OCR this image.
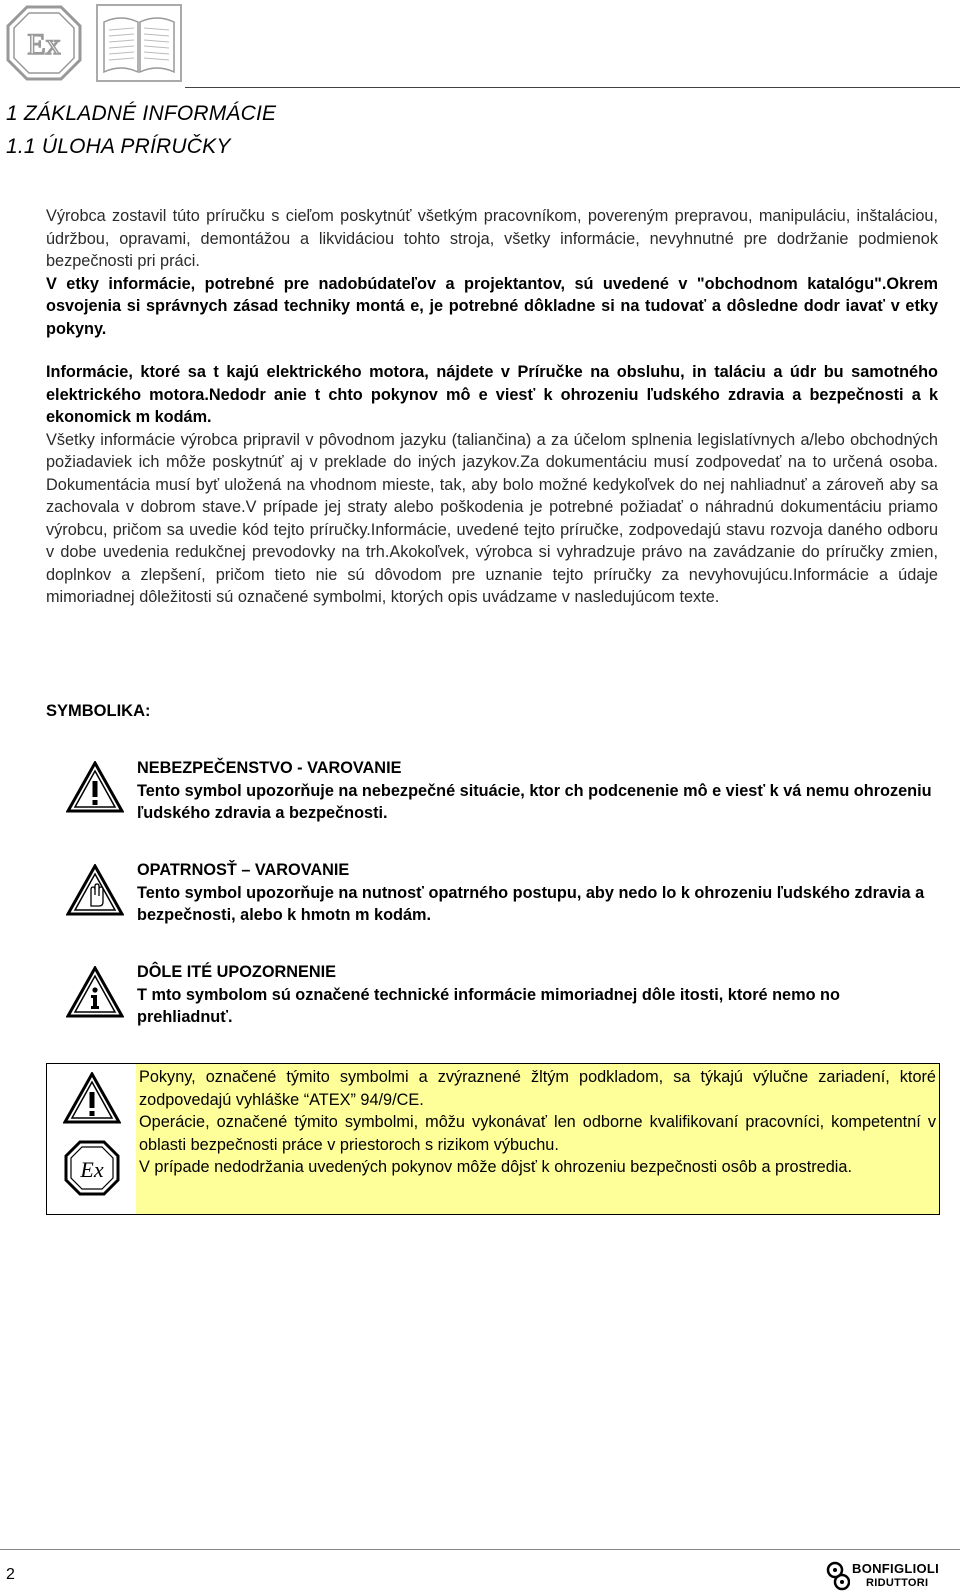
Ex
1 ZÁKLADNÉ INFORMÁCIE
1.1 ÚLOHA PRÍRUČKY

Výrobca zostavil túto príručku s cieľom poskytnúť všetkým pracovníkom, povereným prepravou, manipuláciu, inštaláciou, údržbou, opravami, demontážou a likvidáciou tohto stroja, všetky informácie, nevyhnutné pre dodržanie podmienok bezpečnosti pri práci.

V etky informácie, potrebné pre nadobúdateľov a projektantov, sú uvedené v "obchodnom katalógu".Okrem osvojenia si správnych zásad techniky montá e, je potrebné dôkladne si na tudovať a dôsledne dodr iavať v etky pokyny.

Informácie, ktoré sa t kajú elektrického motora, nájdete v Príručke na obsluhu, in taláciu a údr bu samotného elektrického motora.Nedodr anie t chto pokynov mô e viesť k ohrozeniu ľudského zdravia a bezpečnosti a k ekonomick m kodám.

Všetky informácie výrobca pripravil v pôvodnom jazyku (taliančina) a za účelom splnenia legislatívnych a/lebo obchodných požiadaviek ich môže poskytnúť aj v preklade do iných jazykov.Za dokumentáciu musí zodpovedať na to určená osoba. Dokumentácia musí byť uložená na vhodnom mieste, tak, aby bolo možné kedykoľvek do nej nahliadnuť a zároveň aby sa zachovala v dobrom stave.V prípade jej straty alebo poškodenia je potrebné požiadať o náhradnú dokumentáciu priamo výrobcu, pričom sa uvedie kód tejto príručky.Informácie, uvedené tejto príručke, zodpovedajú stavu rozvoja daného odboru v dobe uvedenia redukčnej prevodovky na trh.Akokoľvek, výrobca si vyhradzuje právo na zavádzanie do príručky zmien, doplnkov a zlepšení, pričom tieto nie sú dôvodom pre uznanie tejto príručky za nevyhovujúcu.Informácie a údaje mimoriadnej dôležitosti sú označené symbolmi, ktorých opis uvádzame v nasledujúcom texte.

SYMBOLIKA:
NEBEZPEČENSTVO - VAROVANIE
Tento symbol upozorňuje na nebezpečné situácie, ktor ch podcenenie mô e viesť k vá nemu ohrozeniu ľudského zdravia a bezpečnosti.
OPATRNOSŤ – VAROVANIE
Tento symbol upozorňuje na nutnosť opatrného postupu, aby nedo lo k ohrozeniu ľudského zdravia a bezpečnosti, alebo k hmotn m kodám.
DÔLE ITÉ UPOZORNENIE
T mto symbolom sú označené technické informácie mimoriadnej dôle itosti, ktoré nemo no prehliadnuť.
Ex

Pokyny, označené týmito symbolmi a zvýraznené žltým podkladom, sa týkajú výlučne zariadení, ktoré zodpovedajú vyhláške “ATEX” 94/9/CE.

Operácie, označené týmito symbolmi, môžu vykonávať len odborne kvalifikovaní pracovníci, kompetentní v oblasti bezpečnosti práce v priestoroch s rizikom výbuchu.

V prípade nedodržania uvedených pokynov môže dôjsť k ohrozeniu bezpečnosti osôb a prostredia.

2	BONFIGLIOLI
RIDUTTORI
